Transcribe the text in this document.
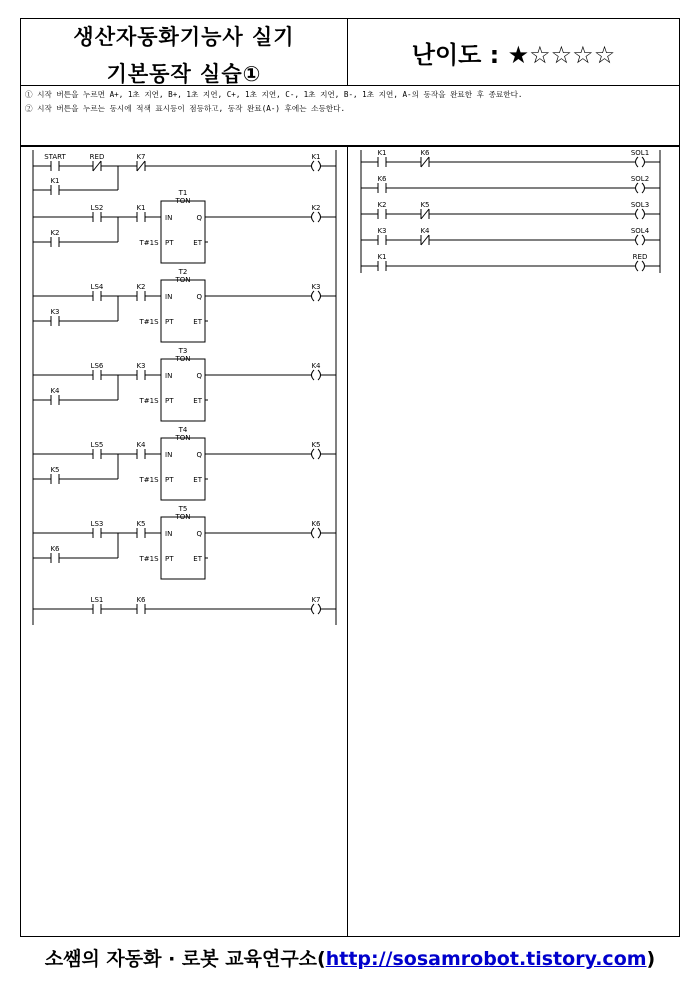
생산자동화기능사 실기
기본동작 실습①
난이도 : ★☆☆☆☆
① 시작 버튼을 누르면 A+, 1초 지연, B+, 1초 지연, C+, 1초 지연, C-, 1초 지연, B-, 1초 지연, A-의 동작을 완료한 후 종료한다.
② 시작 버튼을 누르는 동시에 적색 표시등이 점등하고, 동작 완료(A-) 후에는 소등한다.
START	RED	K7	K1
K1
LS2	K1
K2
T1
TON
IN	Q
PT	ET
T#1S
K2
LS4	K2
K3
T2
TON
IN	Q
PT	ET
T#1S
K3
LS6	K3
K4
T3
TON
IN	Q
PT	ET
T#1S
K4
LS5	K4
K5
T4
TON
IN	Q
PT	ET
T#1S
K5
LS3	K5
K6
T5
TON
IN	Q
PT	ET
T#1S
K6
LS1	K6	K7
K1	K6	SOL1
K6	SOL2
K2	K5	SOL3
K3	K4	SOL4
K1	RED
소쌤의 자동화 · 로봇 교육연구소(http://sosamrobot.tistory.com)
